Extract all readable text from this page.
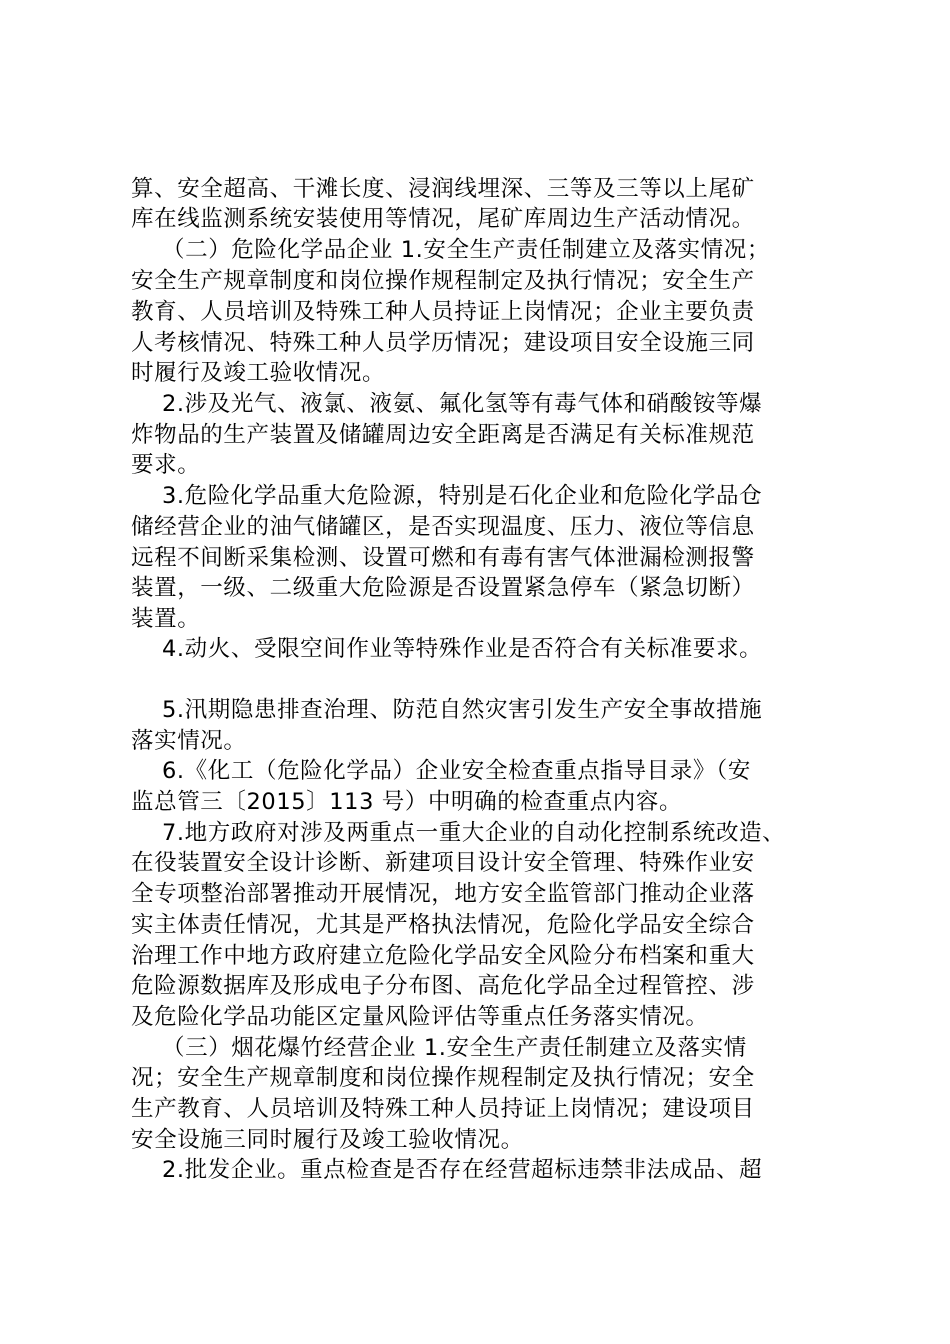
算、安全超高、干滩长度、浸润线埋深、三等及三等以上尾矿
库在线监测系统安装使用等情况，尾矿库周边生产活动情况。
（二）危险化学品企业 1.安全生产责任制建立及落实情况；
安全生产规章制度和岗位操作规程制定及执行情况；安全生产
教育、人员培训及特殊工种人员持证上岗情况；企业主要负责
人考核情况、特殊工种人员学历情况；建设项目安全设施三同
时履行及竣工验收情况。
2.涉及光气、液氯、液氨、氟化氢等有毒气体和硝酸铵等爆
炸物品的生产装置及储罐周边安全距离是否满足有关标准规范
要求。
3.危险化学品重大危险源，特别是石化企业和危险化学品仓
储经营企业的油气储罐区，是否实现温度、压力、液位等信息
远程不间断采集检测、设置可燃和有毒有害气体泄漏检测报警
装置，一级、二级重大危险源是否设置紧急停车（紧急切断）
装置。
4.动火、受限空间作业等特殊作业是否符合有关标准要求。
5.汛期隐患排查治理、防范自然灾害引发生产安全事故措施
落实情况。
6.《化工（危险化学品）企业安全检查重点指导目录》（安
监总管三〔2015〕113 号）中明确的检查重点内容。
7.地方政府对涉及两重点一重大企业的自动化控制系统改造、
在役装置安全设计诊断、新建项目设计安全管理、特殊作业安
全专项整治部署推动开展情况，地方安全监管部门推动企业落
实主体责任情况，尤其是严格执法情况，危险化学品安全综合
治理工作中地方政府建立危险化学品安全风险分布档案和重大
危险源数据库及形成电子分布图、高危化学品全过程管控、涉
及危险化学品功能区定量风险评估等重点任务落实情况。
（三）烟花爆竹经营企业 1.安全生产责任制建立及落实情
况；安全生产规章制度和岗位操作规程制定及执行情况；安全
生产教育、人员培训及特殊工种人员持证上岗情况；建设项目
安全设施三同时履行及竣工验收情况。
2.批发企业。重点检查是否存在经营超标违禁非法成品、超
